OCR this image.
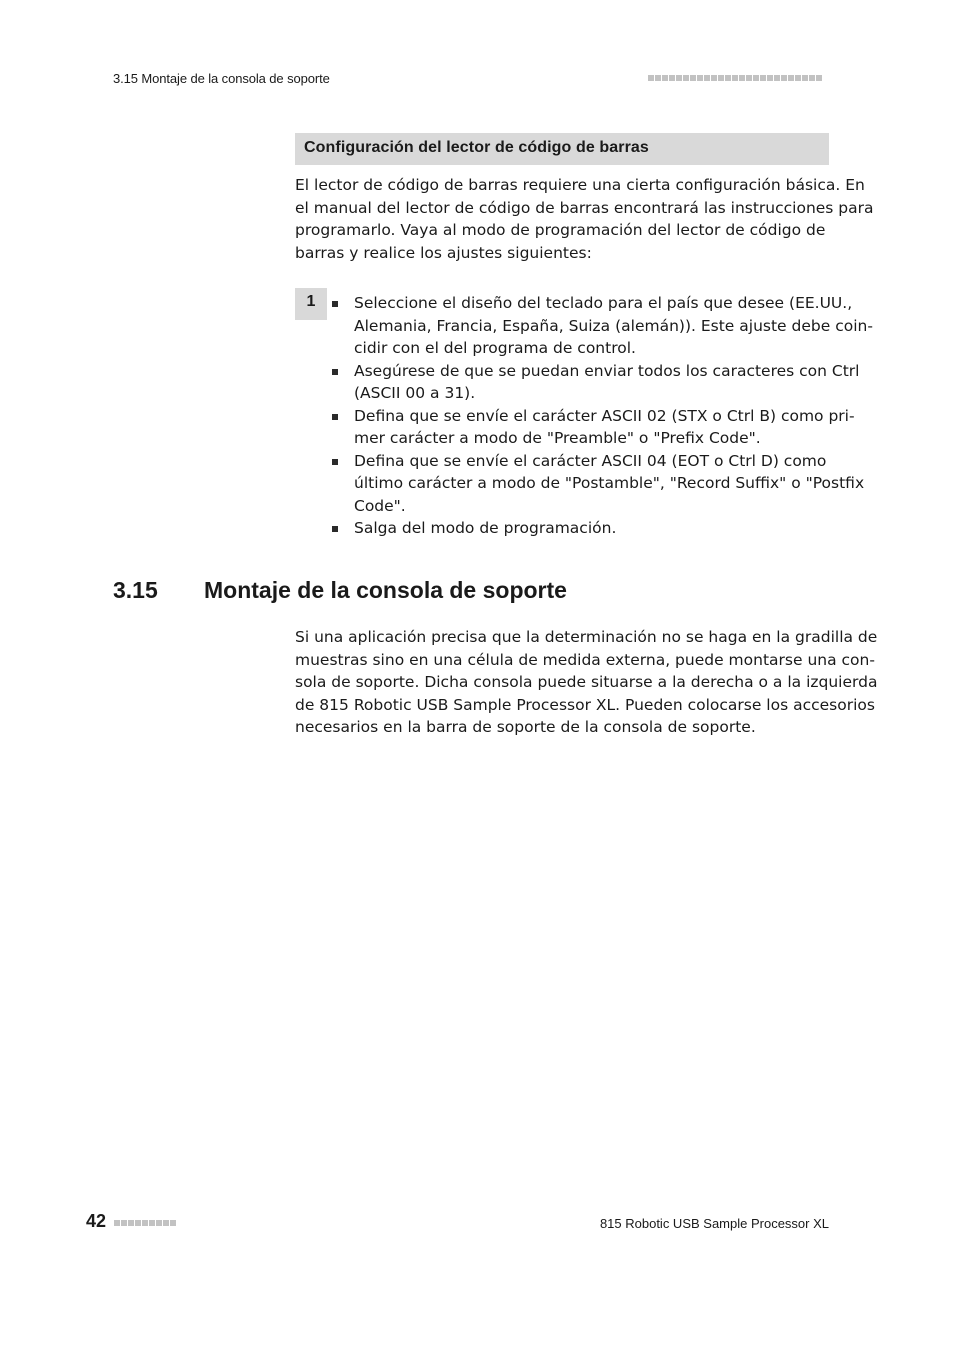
3.15 Montaje de la consola de soporte
Configuración del lector de código de barras

El lector de código de barras requiere una cierta configuración básica. En
el manual del lector de código de barras encontrará las instrucciones para
programarlo. Vaya al modo de programación del lector de código de
barras y realice los ajustes siguientes:

1	Seleccione el diseño del teclado para el país que desee (EE.UU.,
Alemania, Francia, España, Suiza (alemán)). Este ajuste debe coin-
cidir con el del programa de control.
Asegúrese de que se puedan enviar todos los caracteres con Ctrl
(ASCII 00 a 31).
Defina que se envíe el carácter ASCII 02 (STX o Ctrl B) como pri-
mer carácter a modo de "Preamble" o "Prefix Code".
Defina que se envíe el carácter ASCII 04 (EOT o Ctrl D) como
último carácter a modo de "Postamble", "Record Suffix" o "Postfix
Code".
Salga del modo de programación.
3.15 Montaje de la consola de soporte

Si una aplicación precisa que la determinación no se haga en la gradilla de
muestras sino en una célula de medida externa, puede montarse una con-
sola de soporte. Dicha consola puede situarse a la derecha o a la izquierda
de 815 Robotic USB Sample Processor XL. Pueden colocarse los accesorios
necesarios en la barra de soporte de la consola de soporte.

42	815 Robotic USB Sample Processor XL
